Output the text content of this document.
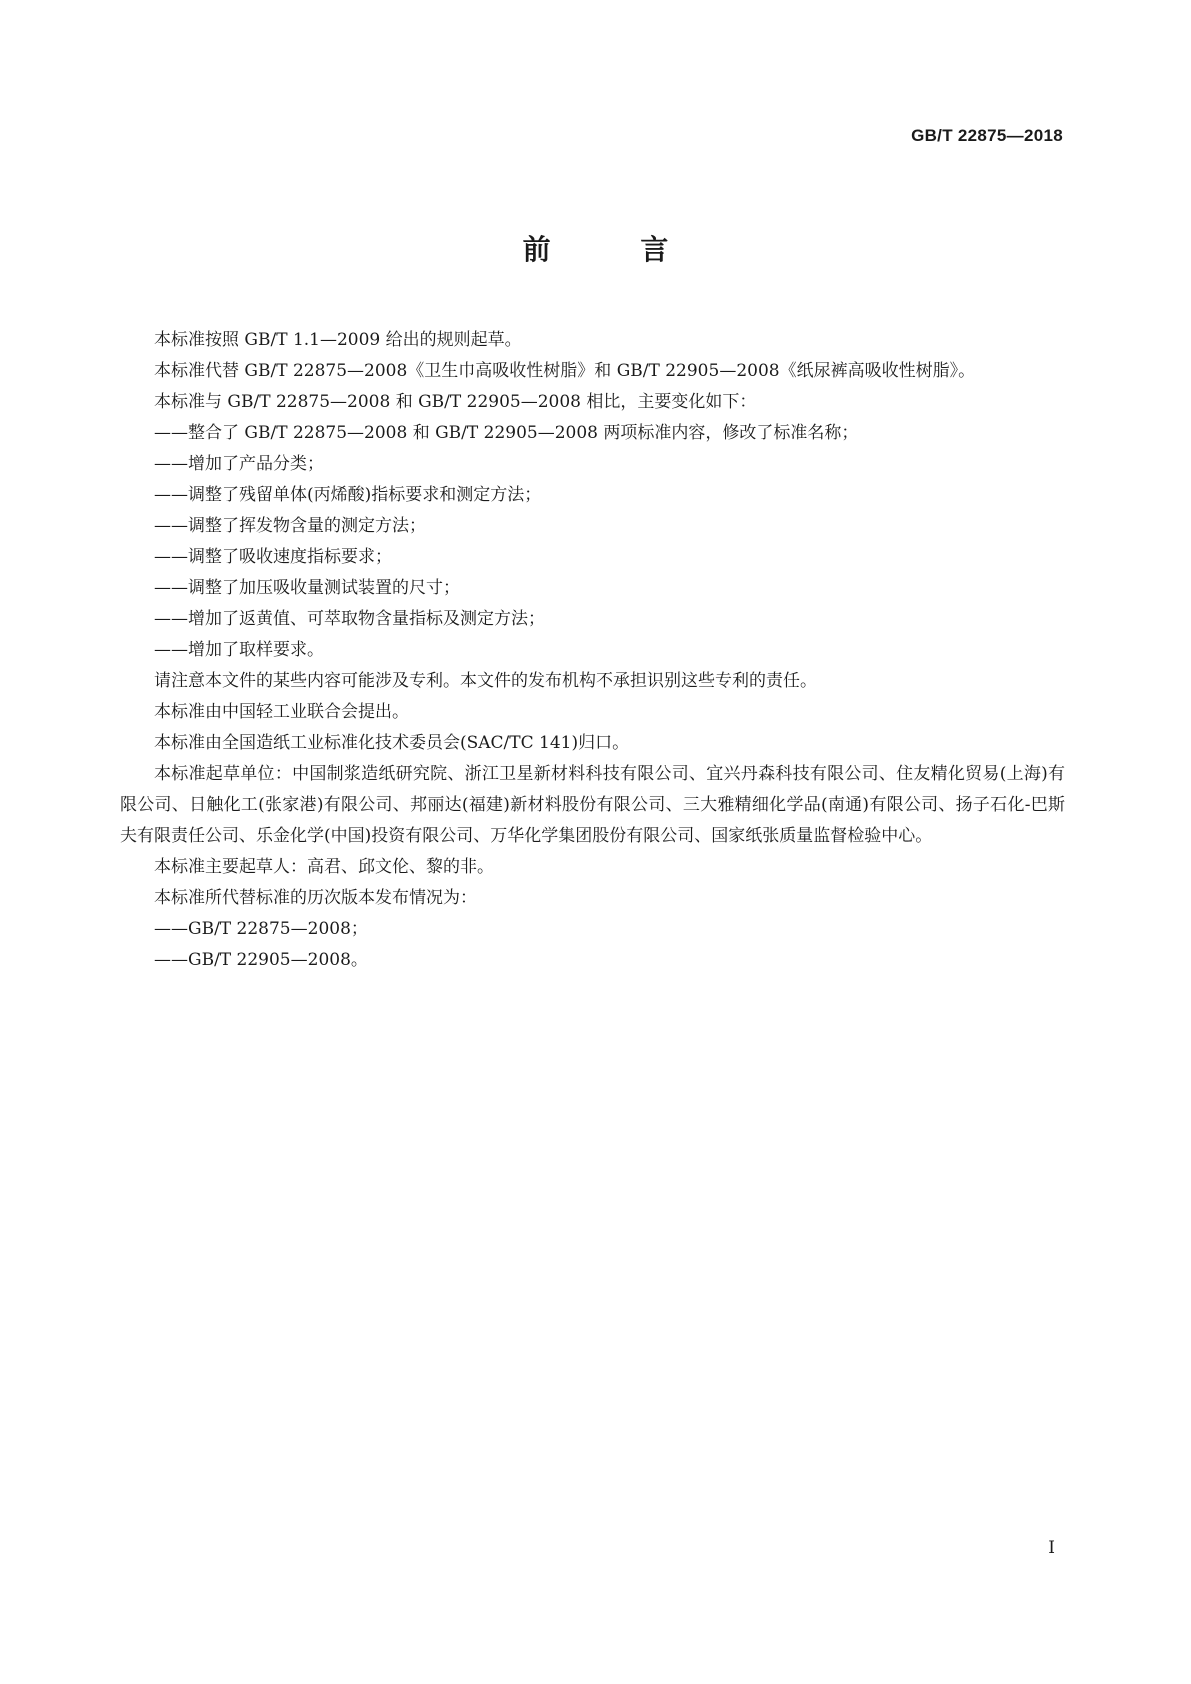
GB/T 22875—2018
前 言

本标准按照 GB/T 1.1—2009 给出的规则起草。

本标准代替 GB/T 22875—2008《卫生巾高吸收性树脂》和 GB/T 22905—2008《纸尿裤高吸收性树脂》。

本标准与 GB/T 22875—2008 和 GB/T 22905—2008 相比，主要变化如下：

——整合了 GB/T 22875—2008 和 GB/T 22905—2008 两项标准内容，修改了标准名称；

——增加了产品分类；

——调整了残留单体(丙烯酸)指标要求和测定方法；

——调整了挥发物含量的测定方法；

——调整了吸收速度指标要求；

——调整了加压吸收量测试装置的尺寸；

——增加了返黄值、可萃取物含量指标及测定方法；

——增加了取样要求。

请注意本文件的某些内容可能涉及专利。本文件的发布机构不承担识别这些专利的责任。

本标准由中国轻工业联合会提出。

本标准由全国造纸工业标准化技术委员会(SAC/TC 141)归口。

本标准起草单位：中国制浆造纸研究院、浙江卫星新材料科技有限公司、宜兴丹森科技有限公司、住友精化贸易(上海)有限公司、日触化工(张家港)有限公司、邦丽达(福建)新材料股份有限公司、三大雅精细化学品(南通)有限公司、扬子石化-巴斯夫有限责任公司、乐金化学(中国)投资有限公司、万华化学集团股份有限公司、国家纸张质量监督检验中心。

本标准主要起草人：高君、邱文伦、黎的非。

本标准所代替标准的历次版本发布情况为：

——GB/T 22875—2008；

——GB/T 22905—2008。

I
